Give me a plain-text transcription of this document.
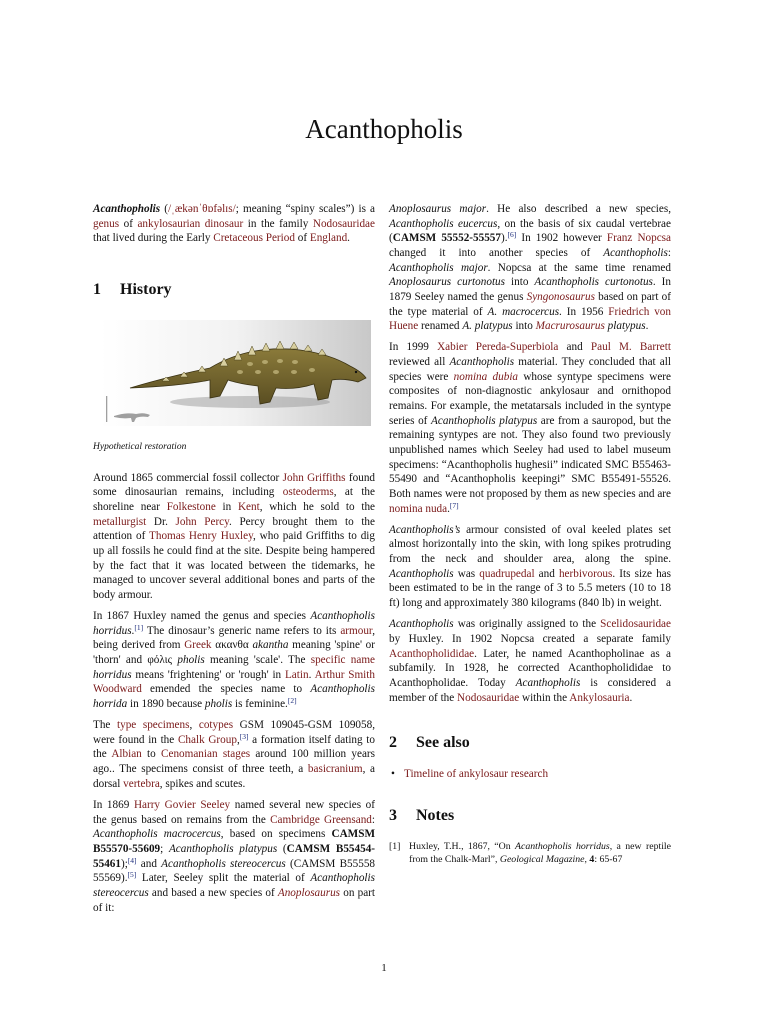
Acanthopholis

Acanthopholis (/ˌækənˈθɒfəlɪs/; meaning “spiny scales”) is a genus of ankylosaurian dinosaur in the family Nodosauridae that lived during the Early Cretaceous Period of England.

1 History

Hypothetical restoration

Around 1865 commercial fossil collector John Griffiths found some dinosaurian remains, including osteoderms, at the shoreline near Folkestone in Kent, which he sold to the metallurgist Dr. John Percy. Percy brought them to the attention of Thomas Henry Huxley, who paid Griffiths to dig up all fossils he could find at the site. Despite being hampered by the fact that it was located between the tidemarks, he managed to uncover several additional bones and parts of the body armour.

In 1867 Huxley named the genus and species Acanthopholis horridus.[1] The dinosaur’s generic name refers to its armour, being derived from Greek ακανθα akantha meaning 'spine' or 'thorn' and φόλις pholis meaning 'scale'. The specific name horridus means 'frightening' or 'rough' in Latin. Arthur Smith Woodward emended the species name to Acanthopholis horrida in 1890 because pholis is feminine.[2]

The type specimens, cotypes GSM 109045-GSM 109058, were found in the Chalk Group,[3] a formation itself dating to the Albian to Cenomanian stages around 100 million years ago.. The specimens consist of three teeth, a basicranium, a dorsal vertebra, spikes and scutes.

In 1869 Harry Govier Seeley named several new species of the genus based on remains from the Cambridge Greensand: Acanthopholis macrocercus, based on specimens CAMSM B55570-55609; Acanthopholis platypus (CAMSM B55454-55461);[4] and Acanthopholis stereocercus (CAMSM B55558 55569).[5] Later, Seeley split the material of Acanthopholis stereocercus and based a new species of Anoplosaurus on part of it:

Anoplosaurus major. He also described a new species, Acanthopholis eucercus, on the basis of six caudal vertebrae (CAMSM 55552-55557).[6] In 1902 however Franz Nopcsa changed it into another species of Acanthopholis: Acanthopholis major. Nopcsa at the same time renamed Anoplosaurus curtonotus into Acanthopholis curtonotus. In 1879 Seeley named the genus Syngonosaurus based on part of the type material of A. macrocercus. In 1956 Friedrich von Huene renamed A. platypus into Macrurosaurus platypus.

In 1999 Xabier Pereda-Superbiola and Paul M. Barrett reviewed all Acanthopholis material. They concluded that all species were nomina dubia whose syntype specimens were composites of non-diagnostic ankylosaur and ornithopod remains. For example, the metatarsals included in the syntype series of Acanthopholis platypus are from a sauropod, but the remaining syntypes are not. They also found two previously unpublished names which Seeley had used to label museum specimens: “Acanthopholis hughesii” indicated SMC B55463-55490 and “Acanthopholis keepingi” SMC B55491-55526. Both names were not proposed by them as new species and are nomina nuda.[7]

Acanthopholis’s armour consisted of oval keeled plates set almost horizontally into the skin, with long spikes protruding from the neck and shoulder area, along the spine. Acanthopholis was quadrupedal and herbivorous. Its size has been estimated to be in the range of 3 to 5.5 meters (10 to 18 ft) long and approximately 380 kilograms (840 lb) in weight.

Acanthopholis was originally assigned to the Scelidosauridae by Huxley. In 1902 Nopcsa created a separate family Acanthopholididae. Later, he named Acanthopholinae as a subfamily. In 1928, he corrected Acanthopholididae to Acanthopholidae. Today Acanthopholis is considered a member of the Nodosauridae within the Ankylosauria.

2 See also
• Timeline of ankylosaur research
3 Notes
[1] Huxley, T.H., 1867, “On Acanthopholis horridus, a new reptile from the Chalk-Marl”, Geological Magazine, 4: 65-67
1
